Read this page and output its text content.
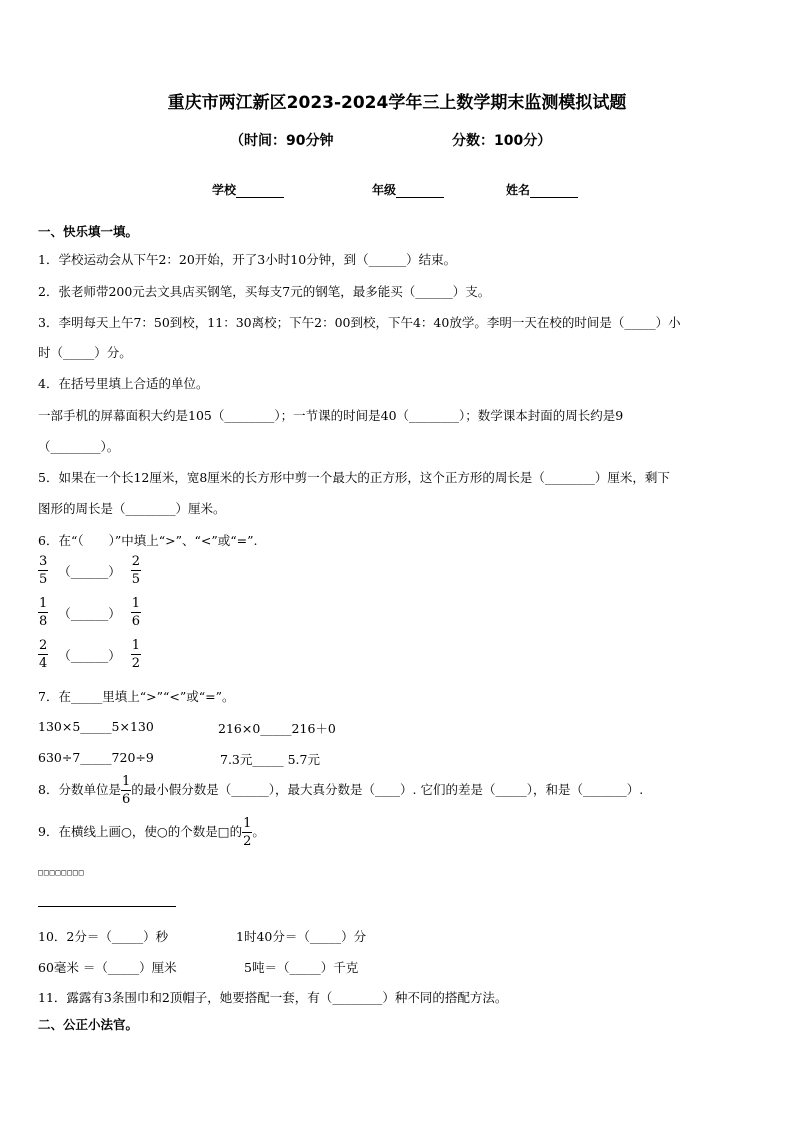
重庆市两江新区2023-2024学年三上数学期末监测模拟试题
（时间：90分钟	分数：100分）
学校	年级	姓名
一、快乐填一填。
1．学校运动会从下午2：20开始，开了3小时10分钟，到（______）结束。
2．张老师带200元去文具店买钢笔，买每支7元的钢笔，最多能买（______）支。
3．李明每天上午7：50到校，11：30离校；下午2：00到校，下午4：40放学。李明一天在校的时间是（_____）小
时（_____）分。
4．在括号里填上合适的单位。
一部手机的屏幕面积大约是105（________）；一节课的时间是40（________）；数学课本封面的周长约是9
（________）。
5．如果在一个长12厘米，宽8厘米的长方形中剪一个最大的正方形，这个正方形的周长是（________）厘米，剩下
图形的周长是（________）厘米。
6．在“（　　）”中填上“>”、“<”或“=”.
$\frac{3}{5}$ （______） $\frac{2}{5}$
$\frac{1}{8}$ （______） $\frac{1}{6}$
$\frac{2}{4}$ （______） $\frac{1}{2}$
7．在_____里填上“>”“<”或“=”。
130×5_____5×130	216×0_____216＋0
630÷7_____720÷9	7.3元_____ 5.7元
8．分数单位是 $\frac{1}{6}$ 的最小假分数是（______），最大真分数是（____）. 它们的差是（_____），和是（_______）.
9．在横线上画○，使○的个数是□的 $\frac{1}{2}$ 。
□□□□□□□□
10．2分＝（_____）秒	1时40分＝（_____）分
60毫米 ＝（_____）厘米	5吨＝（_____）千克
11．露露有3条围巾和2顶帽子，她要搭配一套，有（________）种不同的搭配方法。
二、公正小法官。
